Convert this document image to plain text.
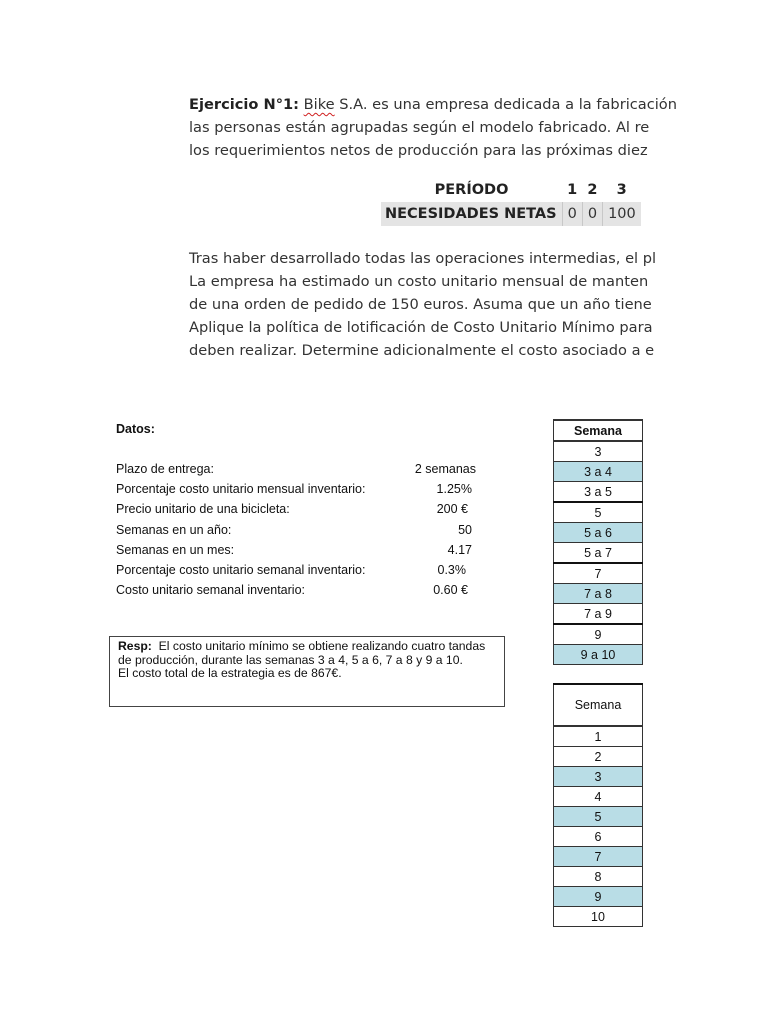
Ejercicio N°1: Bike S.A. es una empresa dedicada a la fabricación
las personas están agrupadas según el modelo fabricado. Al re
los requerimientos netos de producción para las próximas diez
PERÍODO	1	2	3
NECESIDADES NETAS	0	0	100
Tras haber desarrollado todas las operaciones intermedias, el pl
La empresa ha estimado un costo unitario mensual de manten
de una orden de pedido de 150 euros. Asuma que un año tiene
Aplique la política de lotificación de Costo Unitario Mínimo para
deben realizar. Determine adicionalmente el costo asociado a e
Datos:
Plazo de entrega:	2 semanas
Porcentaje costo unitario mensual inventario:	1.25%
Precio unitario de una bicicleta:	200 €
Semanas en un año:	50
Semanas en un mes:	4.17
Porcentaje costo unitario semanal inventario:	0.3%
Costo unitario semanal inventario:	0.60 €
Resp: El costo unitario mínimo se obtiene realizando cuatro tandas
de producción, durante las semanas 3 a 4, 5 a 6, 7 a 8 y 9 a 10.
El costo total de la estrategia es de 867€.
Semana
3
3 a 4
3 a 5
5
5 a 6
5 a 7
7
7 a 8
7 a 9
9
9 a 10
Semana
1
2
3
4
5
6
7
8
9
10
